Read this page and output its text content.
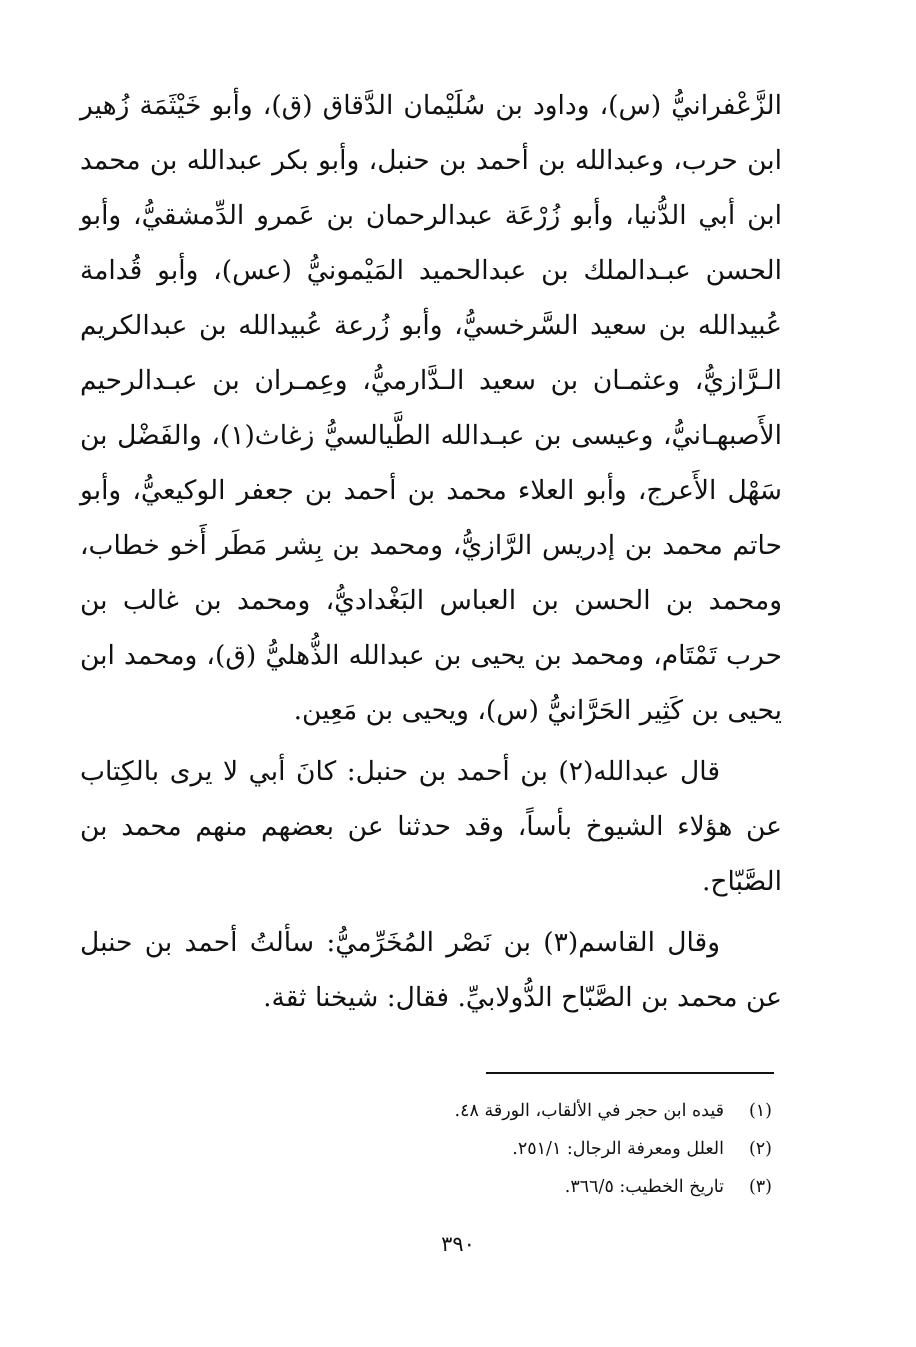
الزَّعْفرانيُّ (س)، وداود بن سُلَيْمان الدَّقاق (ق)، وأبو خَيْثَمَة زُهير ابن حرب، وعبدالله بن أحمد بن حنبل، وأبو بكر عبدالله بن محمد ابن أبي الدُّنيا، وأبو زُرْعَة عبدالرحمان بن عَمرو الدِّمشقيُّ، وأبو الحسن عبـدالملك بن عبدالحميد المَيْمونيُّ (عس)، وأبو قُدامة عُبيدالله بن سعيد السَّرخسيُّ، وأبو زُرعة عُبيدالله بن عبدالكريم الـرَّازيُّ، وعثمـان بن سعيد الـدَّارميُّ، وعِمـران بن عبـدالرحيم الأَصبهـانيُّ، وعيسى بن عبـدالله الطَّيالسيُّ زغاث(١)، والفَضْل بن سَهْل الأَعرج، وأبو العلاء محمد بن أحمد بن جعفر الوكيعيُّ، وأبو حاتم محمد بن إدريس الرَّازيُّ، ومحمد بن بِشر مَطَر أَخو خطاب، ومحمد بن الحسن بن العباس البَغْداديُّ، ومحمد بن غالب بن حرب تَمْتَام، ومحمد بن يحيى بن عبدالله الذُّهليُّ (ق)، ومحمد ابن يحيى بن كَثِير الحَرَّانيُّ (س)، ويحيى بن مَعِين.

قال عبدالله(٢) بن أحمد بن حنبل: كانَ أبي لا يرى بالكِتاب عن هؤلاء الشيوخ بأساً، وقد حدثنا عن بعضهم منهم محمد بن الصَّبّاح.

وقال القاسم(٣) بن نَصْر المُخَرِّميُّ: سألتُ أحمد بن حنبل عن محمد بن الصَّبّاح الدُّولابيِّ. فقال: شيخنا ثقة.

(١)قيده ابن حجر في الألقاب، الورقة ٤٨.
(٢)العلل ومعرفة الرجال: ٢٥١/١.
(٣)تاريخ الخطيب: ٣٦٦/٥.
٣٩٠
